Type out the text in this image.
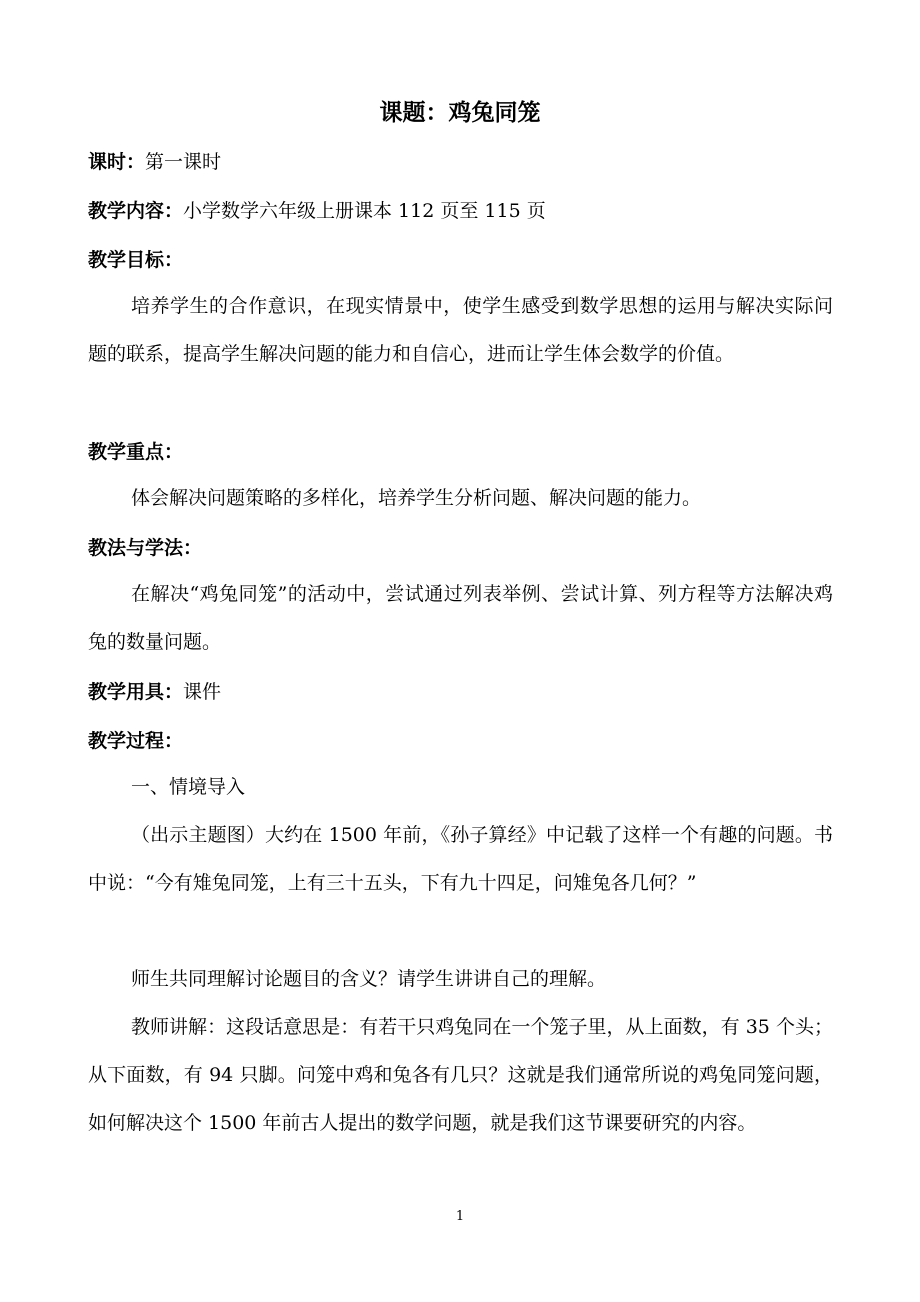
课题：鸡兔同笼
课时：第一课时
教学内容：小学数学六年级上册课本 112 页至 115 页
教学目标：
培养学生的合作意识，在现实情景中，使学生感受到数学思想的运用与解决实际问题的联系，提高学生解决问题的能力和自信心，进而让学生体会数学的价值。
教学重点：
体会解决问题策略的多样化，培养学生分析问题、解决问题的能力。
教法与学法：
在解决“鸡兔同笼”的活动中，尝试通过列表举例、尝试计算、列方程等方法解决鸡兔的数量问题。
教学用具：课件
教学过程：
一、情境导入
（出示主题图）大约在 1500 年前，《孙子算经》中记载了这样一个有趣的问题。书中说：“今有雉兔同笼，上有三十五头，下有九十四足，问雉兔各几何？”
师生共同理解讨论题目的含义？请学生讲讲自己的理解。
教师讲解：这段话意思是：有若干只鸡兔同在一个笼子里，从上面数，有 35 个头；从下面数，有 94 只脚。问笼中鸡和兔各有几只？这就是我们通常所说的鸡兔同笼问题，如何解决这个 1500 年前古人提出的数学问题，就是我们这节课要研究的内容。
1
